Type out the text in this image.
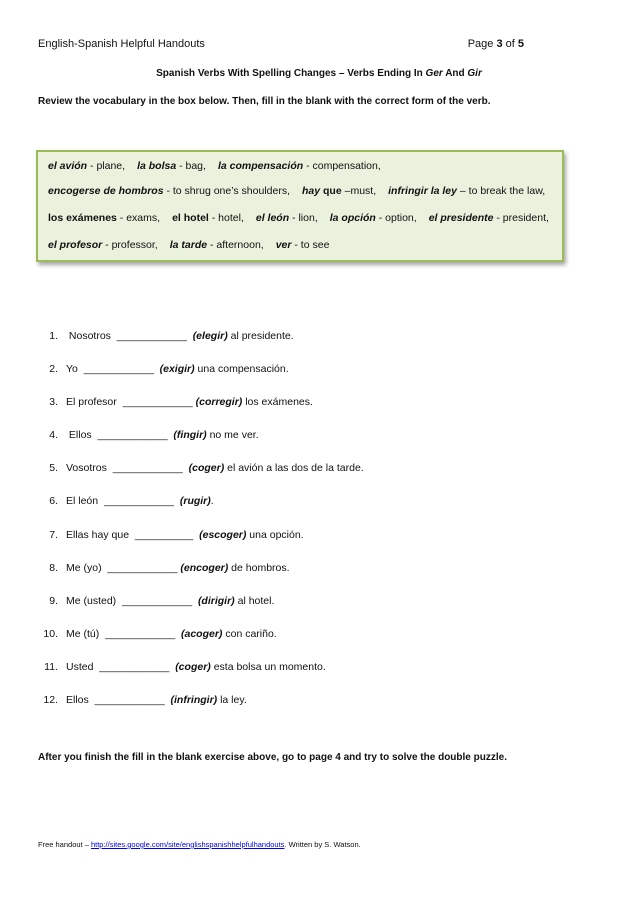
English-Spanish Helpful Handouts	Page 3 of 5
Spanish Verbs With Spelling Changes – Verbs Ending In Ger And Gir
Review the vocabulary in the box below. Then, fill in the blank with the correct form of the verb.
el avión - plane, la bolsa - bag, la compensación - compensation,
encogerse de hombros - to shrug one’s shoulders, hay que –must, infringir la ley – to break the law,
los exámenes - exams, el hotel - hotel, el león - lion, la opción - option, el presidente - president,
el profesor - professor, la tarde - afternoon, ver - to see
1. Nosotros  ____________  (elegir) al presidente.
2. Yo  ____________  (exigir) una compensación.
3. El profesor  ____________ (corregir) los exámenes.
4. Ellos  ____________  (fingir) no me ver.
5. Vosotros  ____________  (coger) el avión a las dos de la tarde.
6. El león  ____________  (rugir).
7. Ellas hay que  __________  (escoger) una opción.
8. Me (yo)  ____________ (encoger) de hombros.
9. Me (usted)  ____________  (dirigir) al hotel.
10. Me (tú)  ____________  (acoger) con cariño.
11. Usted  ____________  (coger) esta bolsa un momento.
12. Ellos  ____________  (infringir) la ley.
After you finish the fill in the blank exercise above, go to page 4 and try to solve the double puzzle.
Free handout – http://sites.google.com/site/englishspanishhelpfulhandouts. Written by S. Watson.
